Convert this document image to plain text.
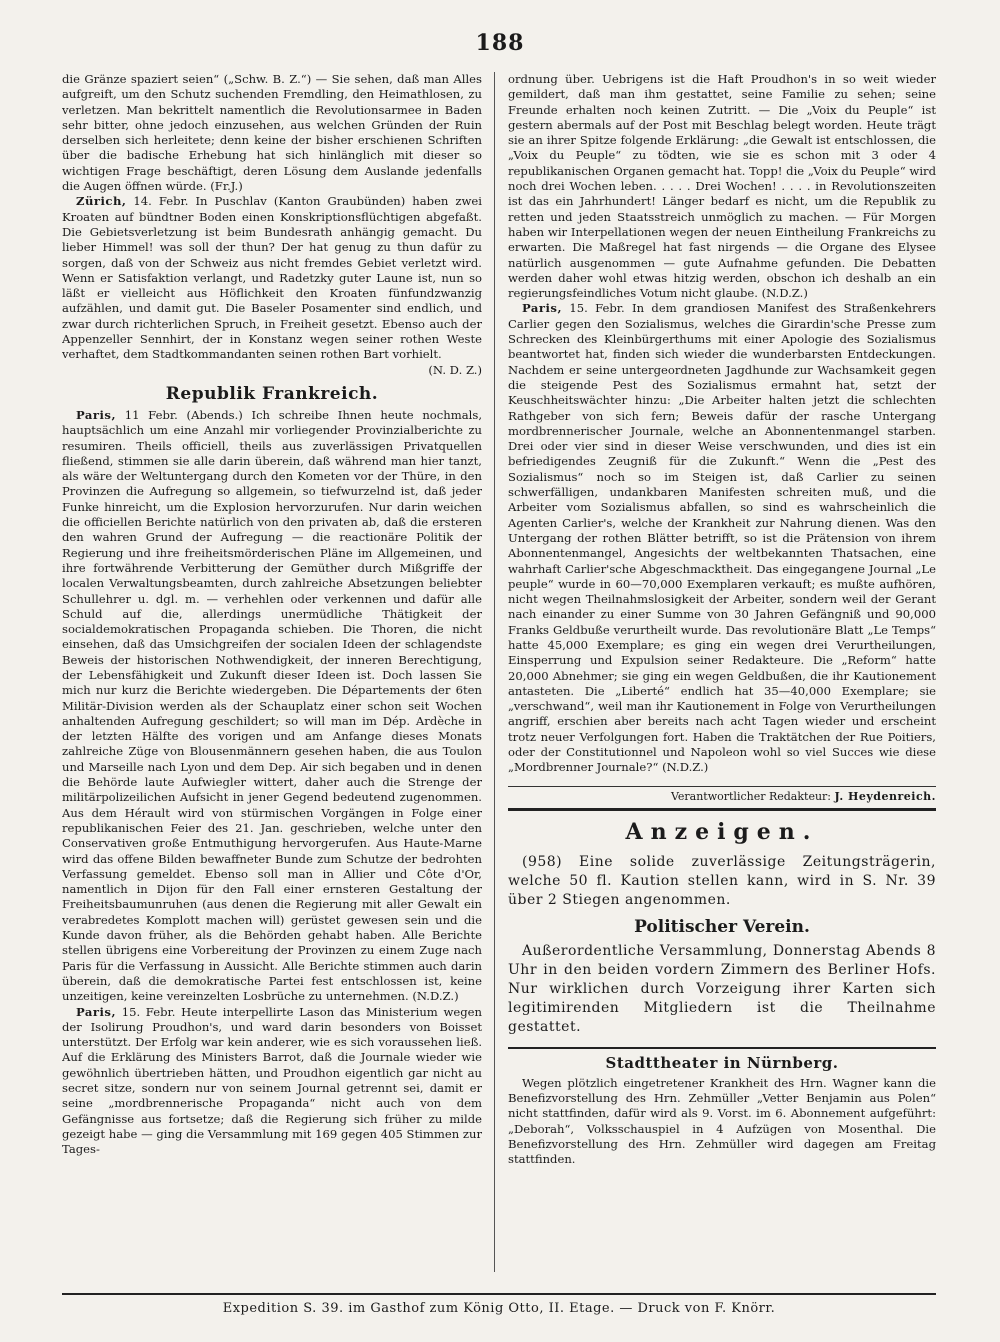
188

die Gränze spaziert seien“ („Schw. B. Z.“) — Sie sehen, daß man Alles aufgreift, um den Schutz suchenden Fremdling, den Heimathlosen, zu verletzen. Man bekrittelt namentlich die Revolutionsarmee in Baden sehr bitter, ohne jedoch einzusehen, aus welchen Gründen der Ruin derselben sich herleitete; denn keine der bisher erschienen Schriften über die badische Erhebung hat sich hinlänglich mit dieser so wichtigen Frage beschäftigt, deren Lösung dem Auslande jedenfalls die Augen öffnen würde. (Fr.J.)

Zürich, 14. Febr. In Puschlav (Kanton Graubünden) haben zwei Kroaten auf bündtner Boden einen Konskriptionsflüchtigen abgefaßt. Die Gebietsverletzung ist beim Bundesrath anhängig gemacht. Du lieber Himmel! was soll der thun? Der hat genug zu thun dafür zu sorgen, daß von der Schweiz aus nicht fremdes Gebiet verletzt wird. Wenn er Satisfaktion verlangt, und Radetzky guter Laune ist, nun so läßt er vielleicht aus Höflichkeit den Kroaten fünfundzwanzig aufzählen, und damit gut. Die Baseler Posamenter sind endlich, und zwar durch richterlichen Spruch, in Freiheit gesetzt. Ebenso auch der Appenzeller Sennhirt, der in Konstanz wegen seiner rothen Weste verhaftet, dem Stadtkommandanten seinen rothen Bart vorhielt.

(N. D. Z.)

Republik Frankreich.

Paris, 11 Febr. (Abends.) Ich schreibe Ihnen heute nochmals, hauptsächlich um eine Anzahl mir vorliegender Provinzialberichte zu resumiren. Theils officiell, theils aus zuverlässigen Privatquellen fließend, stimmen sie alle darin überein, daß während man hier tanzt, als wäre der Weltuntergang durch den Kometen vor der Thüre, in den Provinzen die Aufregung so allgemein, so tiefwurzelnd ist, daß jeder Funke hinreicht, um die Explosion hervorzurufen. Nur darin weichen die officiellen Berichte natürlich von den privaten ab, daß die ersteren den wahren Grund der Aufregung — die reactionäre Politik der Regierung und ihre freiheitsmörderischen Pläne im Allgemeinen, und ihre fortwährende Verbitterung der Gemüther durch Mißgriffe der localen Verwaltungsbeamten, durch zahlreiche Absetzungen beliebter Schullehrer u. dgl. m. — verhehlen oder verkennen und dafür alle Schuld auf die, allerdings unermüdliche Thätigkeit der socialdemokratischen Propaganda schieben. Die Thoren, die nicht einsehen, daß das Umsichgreifen der socialen Ideen der schlagendste Beweis der historischen Nothwendigkeit, der inneren Berechtigung, der Lebensfähigkeit und Zukunft dieser Ideen ist. Doch lassen Sie mich nur kurz die Berichte wiedergeben. Die Départements der 6ten Militär-Division werden als der Schauplatz einer schon seit Wochen anhaltenden Aufregung geschildert; so will man im Dép. Ardèche in der letzten Hälfte des vorigen und am Anfange dieses Monats zahlreiche Züge von Blousenmännern gesehen haben, die aus Toulon und Marseille nach Lyon und dem Dep. Air sich begaben und in denen die Behörde laute Aufwiegler wittert, daher auch die Strenge der militärpolizeilichen Aufsicht in jener Gegend bedeutend zugenommen. Aus dem Hérault wird von stürmischen Vorgängen in Folge einer republikanischen Feier des 21. Jan. geschrieben, welche unter den Conservativen große Entmuthigung hervorgerufen. Aus Haute-Marne wird das offene Bilden bewaffneter Bunde zum Schutze der bedrohten Verfassung gemeldet. Ebenso soll man in Allier und Côte d'Or, namentlich in Dijon für den Fall einer ernsteren Gestaltung der Freiheitsbaumunruhen (aus denen die Regierung mit aller Gewalt ein verabredetes Komplott machen will) gerüstet gewesen sein und die Kunde davon früher, als die Behörden gehabt haben. Alle Berichte stellen übrigens eine Vorbereitung der Provinzen zu einem Zuge nach Paris für die Verfassung in Aussicht. Alle Berichte stimmen auch darin überein, daß die demokratische Partei fest entschlossen ist, keine unzeitigen, keine vereinzelten Losbrüche zu unternehmen. (N.D.Z.)

Paris, 15. Febr. Heute interpellirte Lason das Ministerium wegen der Isolirung Proudhon's, und ward darin besonders von Boisset unterstützt. Der Erfolg war kein anderer, wie es sich voraussehen ließ. Auf die Erklärung des Ministers Barrot, daß die Journale wieder wie gewöhnlich übertrieben hätten, und Proudhon eigentlich gar nicht au secret sitze, sondern nur von seinem Journal getrennt sei, damit er seine „mordbrennerische Propaganda“ nicht auch von dem Gefängnisse aus fortsetze; daß die Regierung sich früher zu milde gezeigt habe — ging die Versammlung mit 169 gegen 405 Stimmen zur Tages-

ordnung über. Uebrigens ist die Haft Proudhon's in so weit wieder gemildert, daß man ihm gestattet, seine Familie zu sehen; seine Freunde erhalten noch keinen Zutritt. — Die „Voix du Peuple“ ist gestern abermals auf der Post mit Beschlag belegt worden. Heute trägt sie an ihrer Spitze folgende Erklärung: „die Gewalt ist entschlossen, die „Voix du Peuple“ zu tödten, wie sie es schon mit 3 oder 4 republikanischen Organen gemacht hat. Topp! die „Voix du Peuple“ wird noch drei Wochen leben. . . . . Drei Wochen! . . . . in Revolutionszeiten ist das ein Jahrhundert! Länger bedarf es nicht, um die Republik zu retten und jeden Staatsstreich unmöglich zu machen. — Für Morgen haben wir Interpellationen wegen der neuen Eintheilung Frankreichs zu erwarten. Die Maßregel hat fast nirgends — die Organe des Elysee natürlich ausgenommen — gute Aufnahme gefunden. Die Debatten werden daher wohl etwas hitzig werden, obschon ich deshalb an ein regierungsfeindliches Votum nicht glaube. (N.D.Z.)

Paris, 15. Febr. In dem grandiosen Manifest des Straßenkehrers Carlier gegen den Sozialismus, welches die Girardin'sche Presse zum Schrecken des Kleinbürgerthums mit einer Apologie des Sozialismus beantwortet hat, finden sich wieder die wunderbarsten Entdeckungen. Nachdem er seine untergeordneten Jagdhunde zur Wachsamkeit gegen die steigende Pest des Sozialismus ermahnt hat, setzt der Keuschheitswächter hinzu: „Die Arbeiter halten jetzt die schlechten Rathgeber von sich fern; Beweis dafür der rasche Untergang mordbrennerischer Journale, welche an Abonnentenmangel starben. Drei oder vier sind in dieser Weise verschwunden, und dies ist ein befriedigendes Zeugniß für die Zukunft.“ Wenn die „Pest des Sozialismus“ noch so im Steigen ist, daß Carlier zu seinen schwerfälligen, undankbaren Manifesten schreiten muß, und die Arbeiter vom Sozialismus abfallen, so sind es wahrscheinlich die Agenten Carlier's, welche der Krankheit zur Nahrung dienen. Was den Untergang der rothen Blätter betrifft, so ist die Prätension von ihrem Abonnentenmangel, Angesichts der weltbekannten Thatsachen, eine wahrhaft Carlier'sche Abgeschmacktheit. Das eingegangene Journal „Le peuple“ wurde in 60—70,000 Exemplaren verkauft; es mußte aufhören, nicht wegen Theilnahmslosigkeit der Arbeiter, sondern weil der Gerant nach einander zu einer Summe von 30 Jahren Gefängniß und 90,000 Franks Geldbuße verurtheilt wurde. Das revolutionäre Blatt „Le Temps“ hatte 45,000 Exemplare; es ging ein wegen drei Verurtheilungen, Einsperrung und Expulsion seiner Redakteure. Die „Reform“ hatte 20,000 Abnehmer; sie ging ein wegen Geldbußen, die ihr Kautionement antasteten. Die „Liberté“ endlich hat 35—40,000 Exemplare; sie „verschwand“, weil man ihr Kautionement in Folge von Verurtheilungen angriff, erschien aber bereits nach acht Tagen wieder und erscheint trotz neuer Verfolgungen fort. Haben die Traktätchen der Rue Poitiers, oder der Constitutionnel und Napoleon wohl so viel Succes wie diese „Mordbrenner Journale?“ (N.D.Z.)

Verantwortlicher Redakteur: J. Heydenreich.
Anzeigen.

(958) Eine solide zuverlässige Zeitungsträgerin, welche 50 fl. Kaution stellen kann, wird in S. Nr. 39 über 2 Stiegen angenommen.

Politischer Verein.

Außerordentliche Versammlung, Donnerstag Abends 8 Uhr in den beiden vordern Zimmern des Berliner Hofs. Nur wirklichen durch Vorzeigung ihrer Karten sich legitimirenden Mitgliedern ist die Theilnahme gestattet.

Stadttheater in Nürnberg.

Wegen plötzlich eingetretener Krankheit des Hrn. Wagner kann die Benefizvorstellung des Hrn. Zehmüller „Vetter Benjamin aus Polen“ nicht stattfinden, dafür wird als 9. Vorst. im 6. Abonnement aufgeführt: „Deborah“, Volksschauspiel in 4 Aufzügen von Mosenthal. Die Benefizvorstellung des Hrn. Zehmüller wird dagegen am Freitag stattfinden.

Expedition S. 39. im Gasthof zum König Otto, II. Etage. — Druck von F. Knörr.
